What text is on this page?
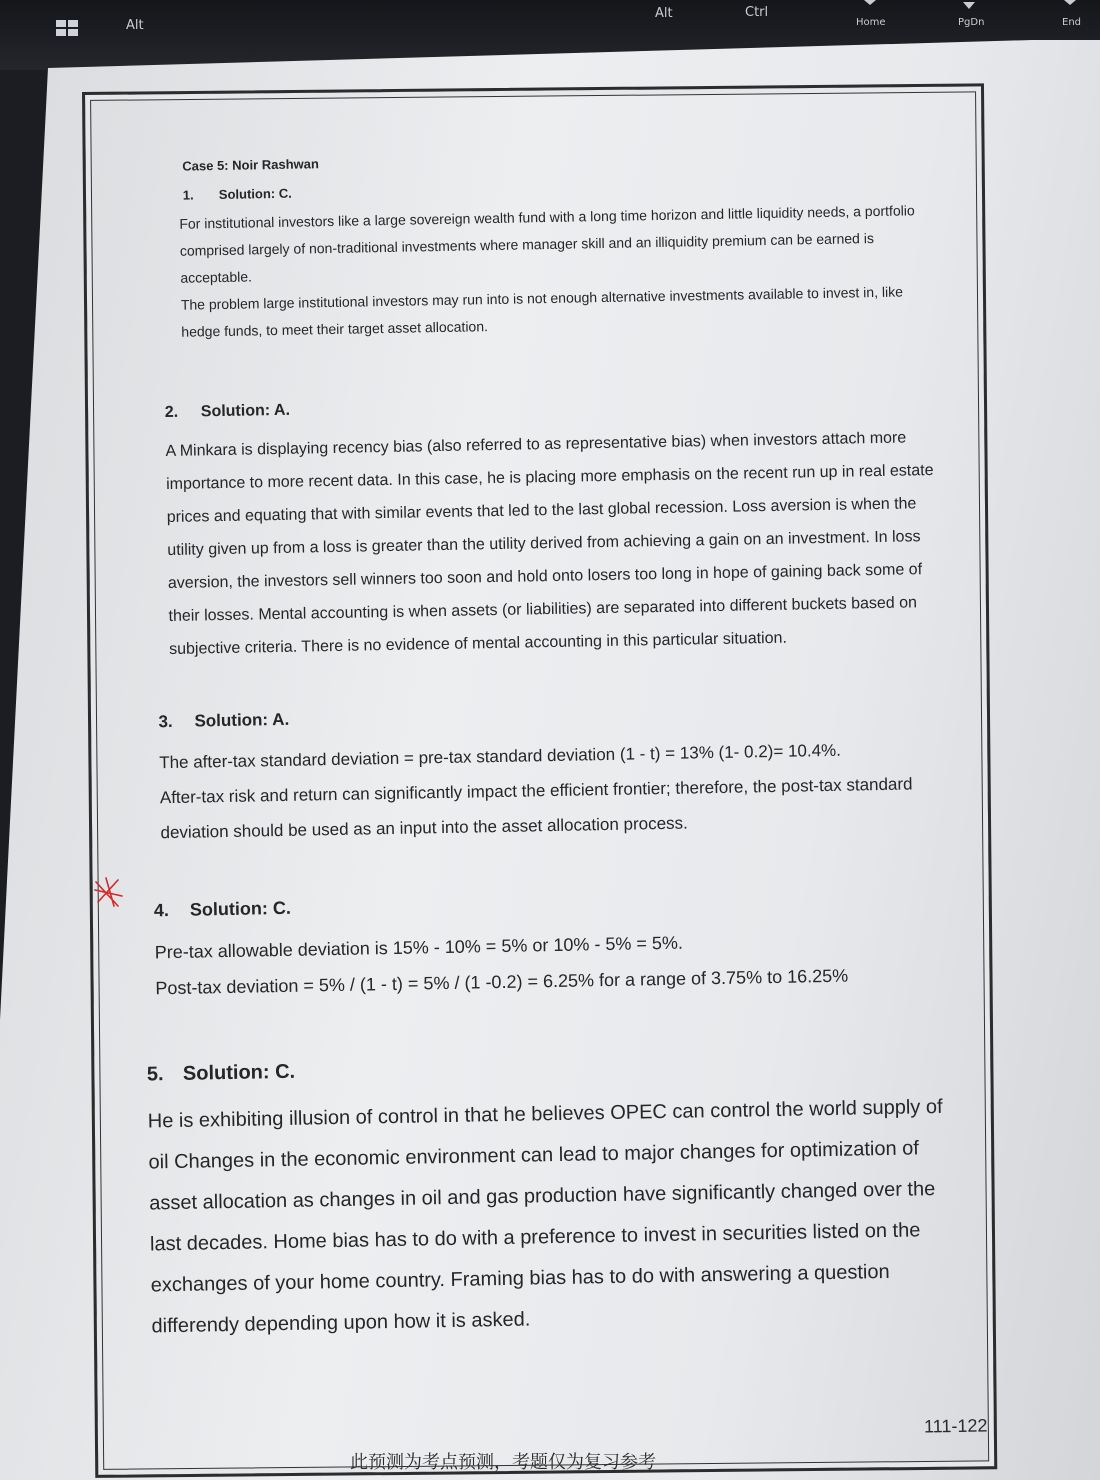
Alt
Alt	Ctrl
Home	PgDn	End
Case 5: Noir Rashwan
1. Solution: C.

For institutional investors like a large sovereign wealth fund with a long time horizon and little liquidity needs, a portfolio comprised largely of non-traditional investments where manager skill and an illiquidity premium can be earned is acceptable.

The problem large institutional investors may run into is not enough alternative investments available to invest in, like hedge funds, to meet their target asset allocation.

2. Solution: A.

A Minkara is displaying recency bias (also referred to as representative bias) when investors attach more importance to more recent data. In this case, he is placing more emphasis on the recent run up in real estate prices and equating that with similar events that led to the last global recession. Loss aversion is when the utility given up from a loss is greater than the utility derived from achieving a gain on an investment. In loss aversion, the investors sell winners too soon and hold onto losers too long in hope of gaining back some of their losses. Mental accounting is when assets (or liabilities) are separated into different buckets based on subjective criteria. There is no evidence of mental accounting in this particular situation.

3. Solution: A.

The after-tax standard deviation = pre-tax standard deviation (1 - t) = 13% (1- 0.2)= 10.4%.

After-tax risk and return can significantly impact the efficient frontier; therefore, the post-tax standard deviation should be used as an input into the asset allocation process.

4. Solution: C.

Pre-tax allowable deviation is 15% - 10% = 5% or 10% - 5% = 5%.

Post-tax deviation = 5% / (1 - t) = 5% / (1 -0.2) = 6.25% for a range of 3.75% to 16.25%

5. Solution: C.

He is exhibiting illusion of control in that he believes OPEC can control the world supply of oil Changes in the economic environment can lead to major changes for optimization of asset allocation as changes in oil and gas production have significantly changed over the last decades. Home bias has to do with a preference to invest in securities listed on the exchanges of your home country. Framing bias has to do with answering a question differendy depending upon how it is asked.

111-122
此预测为考点预测，考题仅为复习参考
